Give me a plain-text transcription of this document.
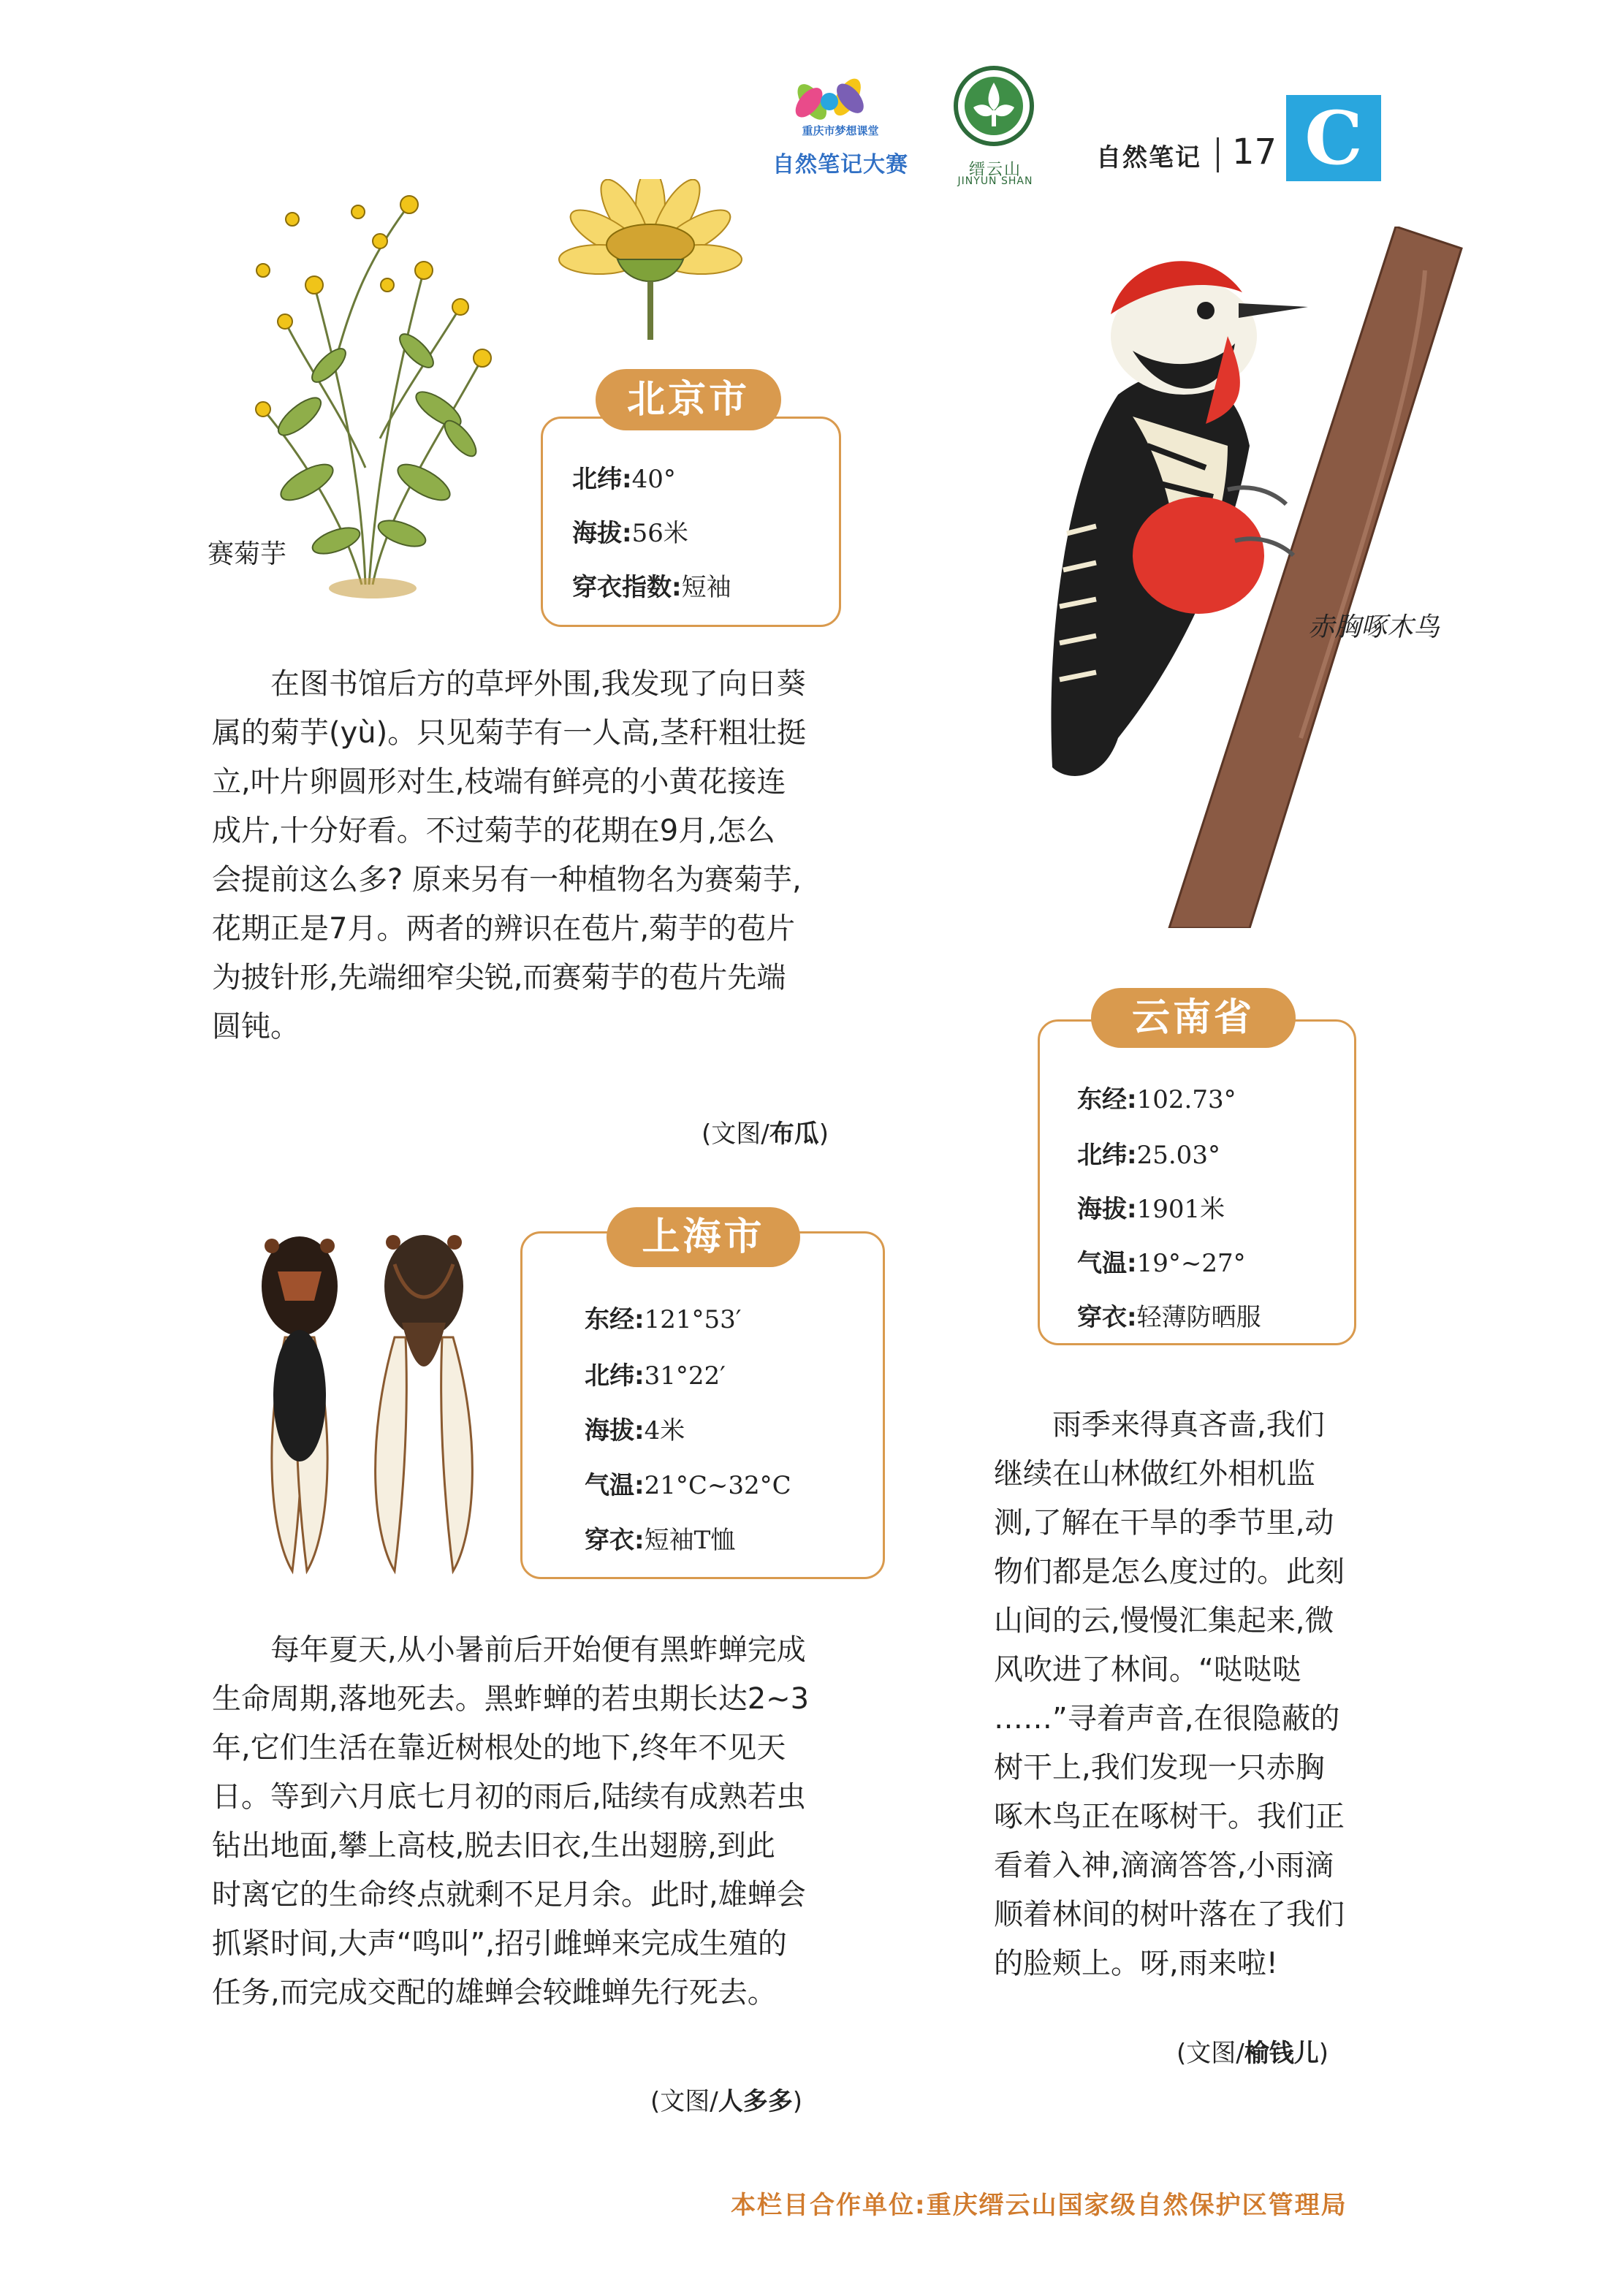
重庆市梦想课堂
自然笔记大赛	缙云山
JINYUN SHAN
自然笔记 17 C
赛菊芋
北京市
北纬:40°
海拔:56米
穿衣指数:短袖
在图书馆后方的草坪外围,我发现了向日葵
属的菊芋(yù)。只见菊芋有一人高,茎秆粗壮挺
立,叶片卵圆形对生,枝端有鲜亮的小黄花接连
成片,十分好看。不过菊芋的花期在9月,怎么
会提前这么多? 原来另有一种植物名为赛菊芋,
花期正是7月。两者的辨识在苞片,菊芋的苞片
为披针形,先端细窄尖锐,而赛菊芋的苞片先端
圆钝。
(文图/布瓜)
赤胸啄木鸟
云南省
东经:102.73°
北纬:25.03°
海拔:1901米
气温:19°~27°
穿衣:轻薄防晒服
雨季来得真吝啬,我们
继续在山林做红外相机监
测,了解在干旱的季节里,动
物们都是怎么度过的。此刻
山间的云,慢慢汇集起来,微
风吹进了林间。“哒哒哒
……”寻着声音,在很隐蔽的
树干上,我们发现一只赤胸
啄木鸟正在啄树干。我们正
看着入神,滴滴答答,小雨滴
顺着林间的树叶落在了我们
的脸颊上。呀,雨来啦!
(文图/榆钱儿)
上海市
东经:121°53′
北纬:31°22′
海拔:4米
气温:21°C~32°C
穿衣:短袖T恤
每年夏天,从小暑前后开始便有黑蚱蝉完成
生命周期,落地死去。黑蚱蝉的若虫期长达2~3
年,它们生活在靠近树根处的地下,终年不见天
日。等到六月底七月初的雨后,陆续有成熟若虫
钻出地面,攀上高枝,脱去旧衣,生出翅膀,到此
时离它的生命终点就剩不足月余。此时,雄蝉会
抓紧时间,大声“鸣叫”,招引雌蝉来完成生殖的
任务,而完成交配的雄蝉会较雌蝉先行死去。
(文图/人多多)
本栏目合作单位:重庆缙云山国家级自然保护区管理局
